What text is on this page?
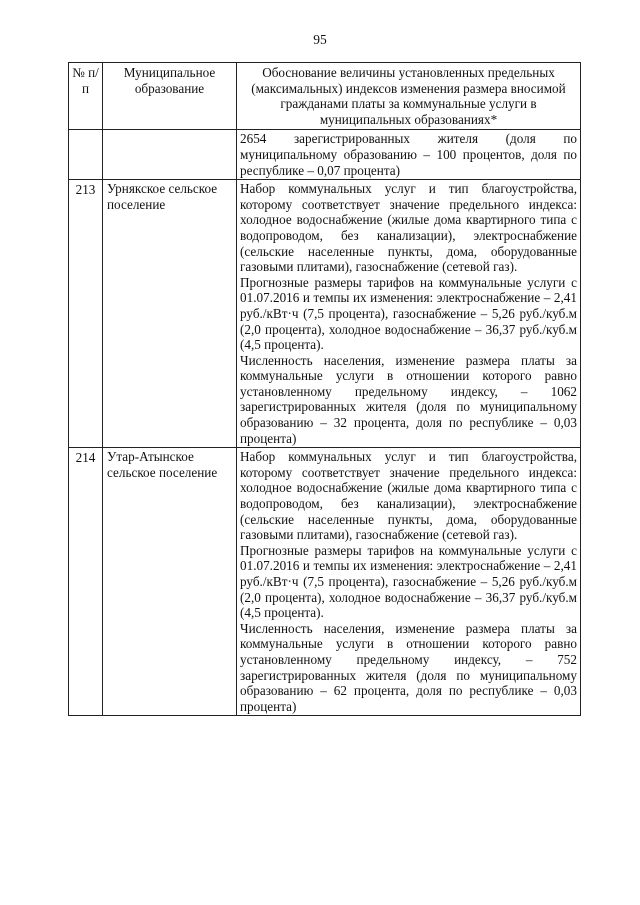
95
№ п/п	Муниципальное образование	Обоснование величины установленных предельных (максимальных) индексов изменения размера вносимой гражданами платы за коммунальные услуги в муниципальных образованиях*

		2654 зарегистрированных жителя (доля по муниципальному образованию – 100 процентов, доля по республике – 0,07 процента)

213	Урнякское сельское поселение	Набор коммунальных услуг и тип благоустройства, которому соответствует значение предельного индекса: холодное водоснабжение (жилые дома квартирного типа с водопроводом, без канализации), электроснабжение (сельские населенные пункты, дома, оборудованные газовыми плитами), газоснабжение (сетевой газ).

Прогнозные размеры тарифов на коммунальные услуги с 01.07.2016 и темпы их изменения: электроснабжение – 2,41 руб./кВт·ч (7,5 процента), газоснабжение – 5,26 руб./куб.м (2,0 процента), холодное водоснабжение – 36,37 руб./куб.м (4,5 процента).

Численность населения, изменение размера платы за коммунальные услуги в отношении которого равно установленному предельному индексу, – 1062 зарегистрированных жителя (доля по муниципальному образованию – 32 процента, доля по республике – 0,03 процента)

214	Утар-Атынское сельское поселение	Набор коммунальных услуг и тип благоустройства, которому соответствует значение предельного индекса: холодное водоснабжение (жилые дома квартирного типа с водопроводом, без канализации), электроснабжение (сельские населенные пункты, дома, оборудованные газовыми плитами), газоснабжение (сетевой газ).

Прогнозные размеры тарифов на коммунальные услуги с 01.07.2016 и темпы их изменения: электроснабжение – 2,41 руб./кВт·ч (7,5 процента), газоснабжение – 5,26 руб./куб.м (2,0 процента), холодное водоснабжение – 36,37 руб./куб.м (4,5 процента).

Численность населения, изменение размера платы за коммунальные услуги в отношении которого равно установленному предельному индексу, – 752 зарегистрированных жителя (доля по муниципальному образованию – 62 процента, доля по республике – 0,03 процента)
